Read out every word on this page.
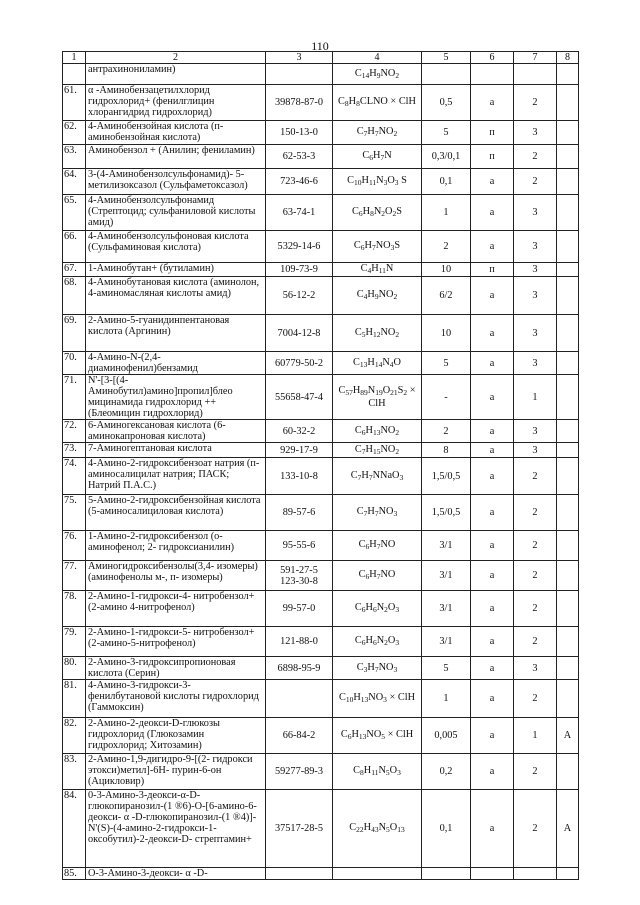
110
1	2	3	4	5	6	7	8
	антрахинониламин)		$C_{14}H_9NO_2$				
61.	α -Аминобензацетилхлорид гидрохлорид+ (фенилглицин хлорангидрид гидрохлорид)	39878-87-0	$C_8H_8CLNO$ × ClH	0,5	а	2	
62.	4-Аминобензойная кислота (п-аминобензойная кислота)	150-13-0	$C_7H_7NO_2$	5	п	3	
63.	Аминобензол + (Анилин; фениламин)	62-53-3	$C_6H_7N$	0,3/0,1	п	2	
64.	3-(4-Аминобензолсульфонамид)- 5-метилизоксазол (Сульфаметоксазол)	723-46-6	$C_{10}H_{11}N_3O_3$ S	0,1	а	2	
65.	4-Аминобензолсульфонамид (Стрептоцид; сульфаниловой кислоты амид)	63-74-1	$C_6H_8N_2O_2S$	1	а	3	
66.	4-Аминобензолсульфоновая кислота (Сульфаминовая кислота)	5329-14-6	$C_6H_7NO_3S$	2	а	3	
67.	1-Аминобутан+ (бутиламин)	109-73-9	$C_4H_{11}N$	10	п	3	
68.	4-Аминобутановая кислота (аминолон, 4-аминомасляная кислоты амид)	56-12-2	$C_4H_9NO_2$	6/2	а	3	
69.	2-Амино-5-гуанидинпентановая кислота (Аргинин)	7004-12-8	$C_5H_{12}NO_2$	10	а	3	
70.	4-Амино-N-(2,4-диаминофенил)бензамид	60779-50-2	$C_{13}H_{14}N_4O$	5	а	3	
71.	N'-[3-[(4-Аминобутил)амино]пропил]блео мицинамида гидрохлорид ++ (Блеомицин гидрохлорид)	55658-47-4	$C_{57}H_{89}N_{19}O_{21}S_2$ × ClH	-	а	1	
72.	6-Аминогексановая кислота (6-аминокапроновая кислота)	60-32-2	$C_6H_{13}NO_2$	2	а	3	
73.	7-Аминогептановая кислота	929-17-9	$C_7H_{15}NO_2$	8	а	3	
74.	4-Амино-2-гидроксибензоат натрия (п-аминосалицилат натрия; ПАСК; Натрий П.А.С.)	133-10-8	$C_7H_7NNaO_3$	1,5/0,5	а	2	
75.	5-Амино-2-гидроксибензойная кислота (5-аминосалициловая кислота)	89-57-6	$C_7H_7NO_3$	1,5/0,5	а	2	
76.	1-Амино-2-гидроксибензол (о-аминофенол; 2- гидроксианилин)	95-55-6	$C_6H_7NO$	3/1	а	2	
77.	Аминогидроксибензолы(3,4- изомеры) (аминофенолы м-, п- изомеры)	591-27-5
123-30-8	$C_6H_7NO$	3/1	а	2	
78.	2-Амино-1-гидрокси-4- нитробензол+ (2-амино 4-нитрофенол)	99-57-0	$C_6H_6N_2O_3$	3/1	а	2	
79.	2-Амино-1-гидрокси-5- нитробензол+ (2-амино-5-нитрофенол)	121-88-0	$C_6H_6N_2O_3$	3/1	а	2	
80.	2-Амино-3-гидроксипропионовая кислота (Серин)	6898-95-9	$C_3H_7NO_3$	5	а	3	
81.	4-Амино-3-гидрокси-3-фенилбутановой кислоты гидрохлорид (Гаммоксин)		$C_{10}H_{13}NO_3$ × ClH	1	а	2	
82.	2-Амино-2-деокси-D-глюкозы гидрохлорид (Глюкозамин гидрохлорид; Хитозамин)	66-84-2	$C_6H_{13}NO_5$ × ClH	0,005	а	1	А
83.	2-Амино-1,9-дигидро-9-[(2- гидрокси этокси)метил]-6Н- пурин-6-он (Ацикловир)	59277-89-3	$C_8H_{11}N_5O_3$	0,2	а	2	
84.	0-3-Амино-3-деокси-α-D-глюкопиранозил-(1 ®6)-O-[6-амино-6-деокси- α -D-глюкопиранозил-(1 ®4)]-N'(S)-(4-амино-2-гидрокси-1- оксобутил)-2-деокси-D- стрептамин+	37517-28-5	$C_{22}H_{43}N_5O_{13}$	0,1	а	2	А
85.	O-3-Амино-3-деокси- α -D-						
